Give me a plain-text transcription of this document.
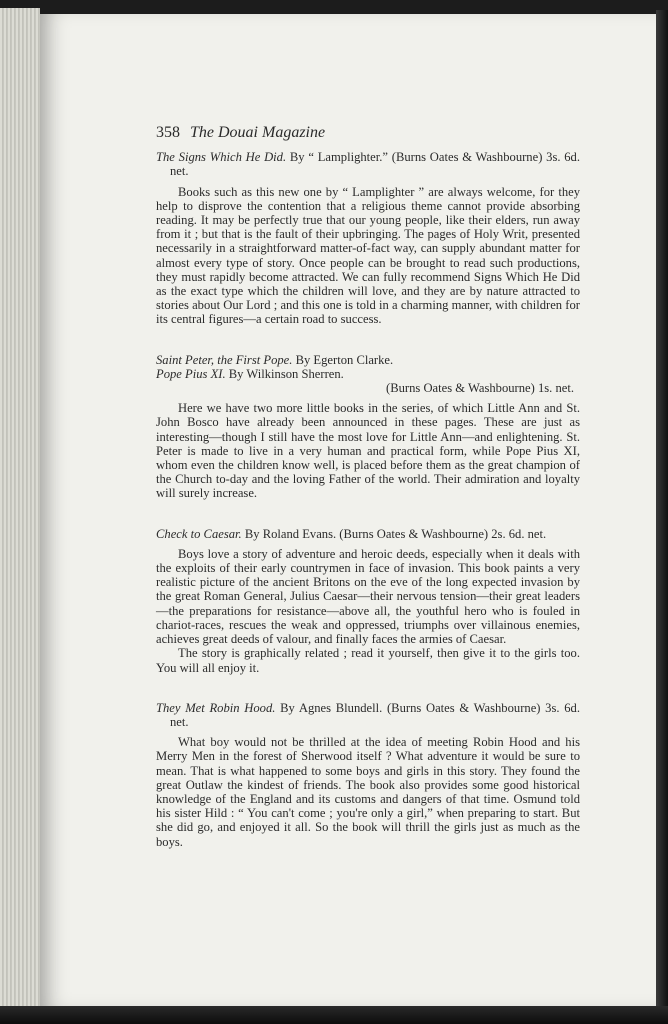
358 The Douai Magazine
The Signs Which He Did. By “ Lamplighter.” (Burns Oates & Washbourne) 3s. 6d. net.

Books such as this new one by “ Lamplighter ” are always welcome, for they help to disprove the contention that a religious theme cannot provide absorbing reading. It may be perfectly true that our young people, like their elders, run away from it ; but that is the fault of their upbringing. The pages of Holy Writ, presented necessarily in a straightforward matter-of-fact way, can supply abundant matter for almost every type of story. Once people can be brought to read such productions, they must rapidly become attracted. We can fully recommend Signs Which He Did as the exact type which the children will love, and they are by nature attracted to stories about Our Lord ; and this one is told in a charming manner, with children for its central figures—a certain road to success.

Saint Peter, the First Pope. By Egerton Clarke.
Pope Pius XI. By Wilkinson Sherren.
(Burns Oates & Washbourne) 1s. net.

Here we have two more little books in the series, of which Little Ann and St. John Bosco have already been announced in these pages. These are just as interesting—though I still have the most love for Little Ann—and enlightening. St. Peter is made to live in a very human and practical form, while Pope Pius XI, whom even the children know well, is placed before them as the great champion of the Church to-day and the loving Father of the world. Their admiration and loyalty will surely increase.

Check to Caesar. By Roland Evans. (Burns Oates & Washbourne) 2s. 6d. net.

Boys love a story of adventure and heroic deeds, especially when it deals with the exploits of their early countrymen in face of invasion. This book paints a very realistic picture of the ancient Britons on the eve of the long expected invasion by the great Roman General, Julius Caesar—their nervous tension—their great leaders—the preparations for resistance—above all, the youthful hero who is fouled in chariot-races, rescues the weak and oppressed, triumphs over villainous enemies, achieves great deeds of valour, and finally faces the armies of Caesar.

The story is graphically related ; read it yourself, then give it to the girls too. You will all enjoy it.

They Met Robin Hood. By Agnes Blundell. (Burns Oates & Washbourne) 3s. 6d. net.

What boy would not be thrilled at the idea of meeting Robin Hood and his Merry Men in the forest of Sherwood itself ? What adventure it would be sure to mean. That is what happened to some boys and girls in this story. They found the great Outlaw the kindest of friends. The book also provides some good historical knowledge of the England and its customs and dangers of that time. Osmund told his sister Hild : “ You can't come ; you're only a girl,” when preparing to start. But she did go, and enjoyed it all. So the book will thrill the girls just as much as the boys.
